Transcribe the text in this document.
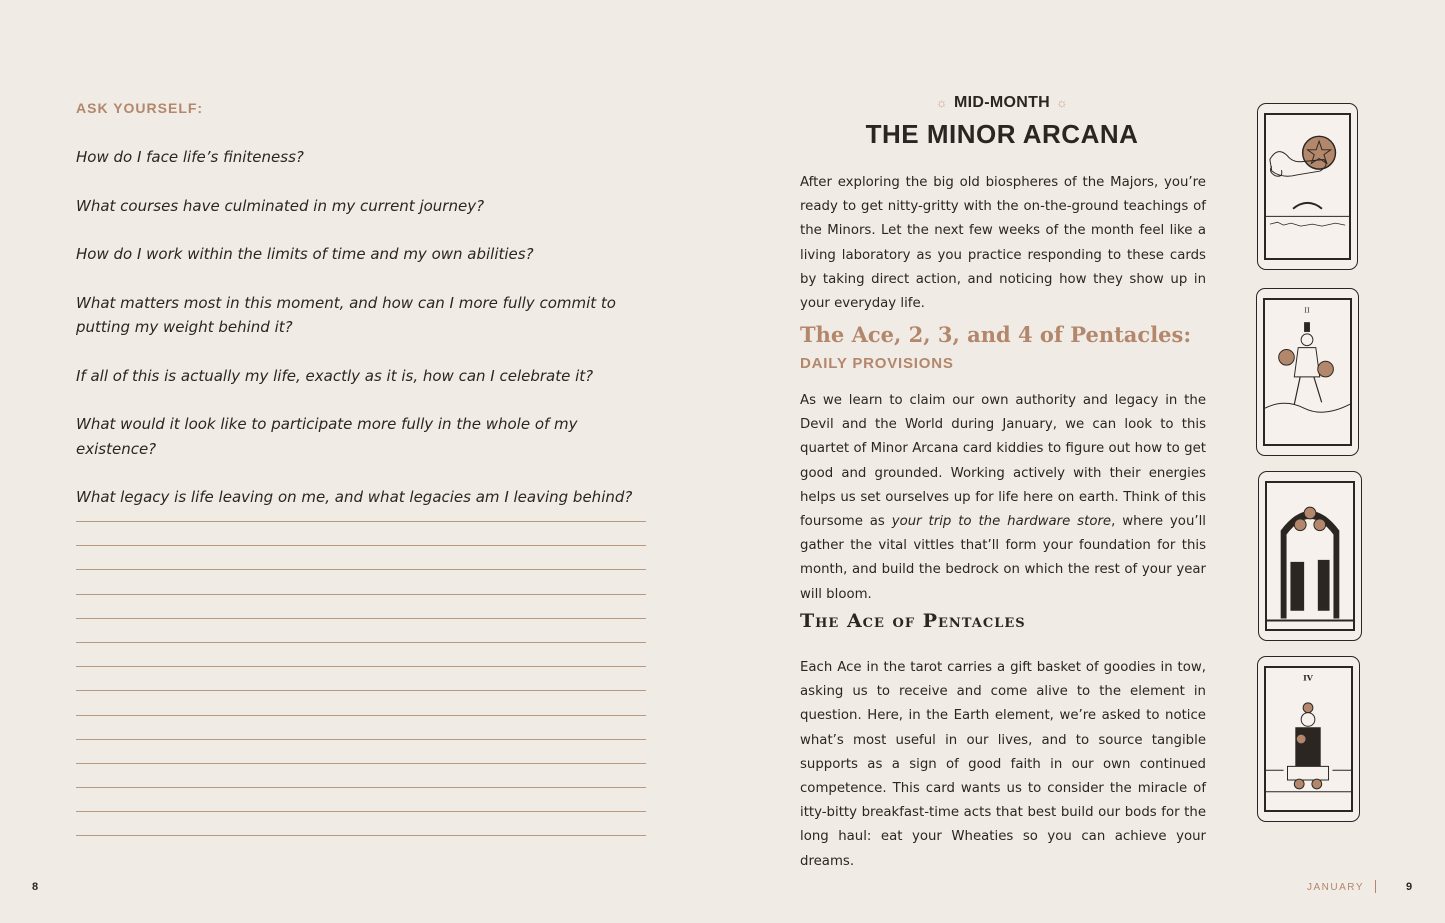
ASK YOURSELF:

How do I face life’s finiteness?

What courses have culminated in my current journey?

How do I work within the limits of time and my own abilities?

What matters most in this moment, and how can I more fully commit to putting my weight behind it?

If all of this is actually my life, exactly as it is, how can I celebrate it?

What would it look like to participate more fully in the whole of my existence?

What legacy is life leaving on me, and what legacies am I leaving behind?

8
☼ MID-MONTH ☼
THE MINOR ARCANA
After exploring the big old biospheres of the Majors, you’re ready to get nitty-gritty with the on-the-ground teachings of the Minors. Let the next few weeks of the month feel like a living laboratory as you practice responding to these cards by taking direct action, and noticing how they show up in your everyday life.
The Ace, 2, 3, and 4 of Pentacles:
DAILY PROVISIONS
As we learn to claim our own authority and legacy in the Devil and the World during January, we can look to this quartet of Minor Arcana card kiddies to figure out how to get good and grounded. Working actively with their energies helps us set ourselves up for life here on earth. Think of this foursome as your trip to the hardware store, where you’ll gather the vital vittles that’ll form your foundation for this month, and build the bedrock on which the rest of your year will bloom.
The Ace of Pentacles
Each Ace in the tarot carries a gift basket of goodies in tow, asking us to receive and come alive to the element in question. Here, in the Earth element, we’re asked to notice what’s most useful in our lives, and to source tangible supports as a sign of good faith in our own continued competence. This card wants us to consider the miracle of itty-bitty breakfast-time acts that best build our bods for the long haul: eat your Wheaties so you can achieve your dreams.
II
IV
JANUARY	9
